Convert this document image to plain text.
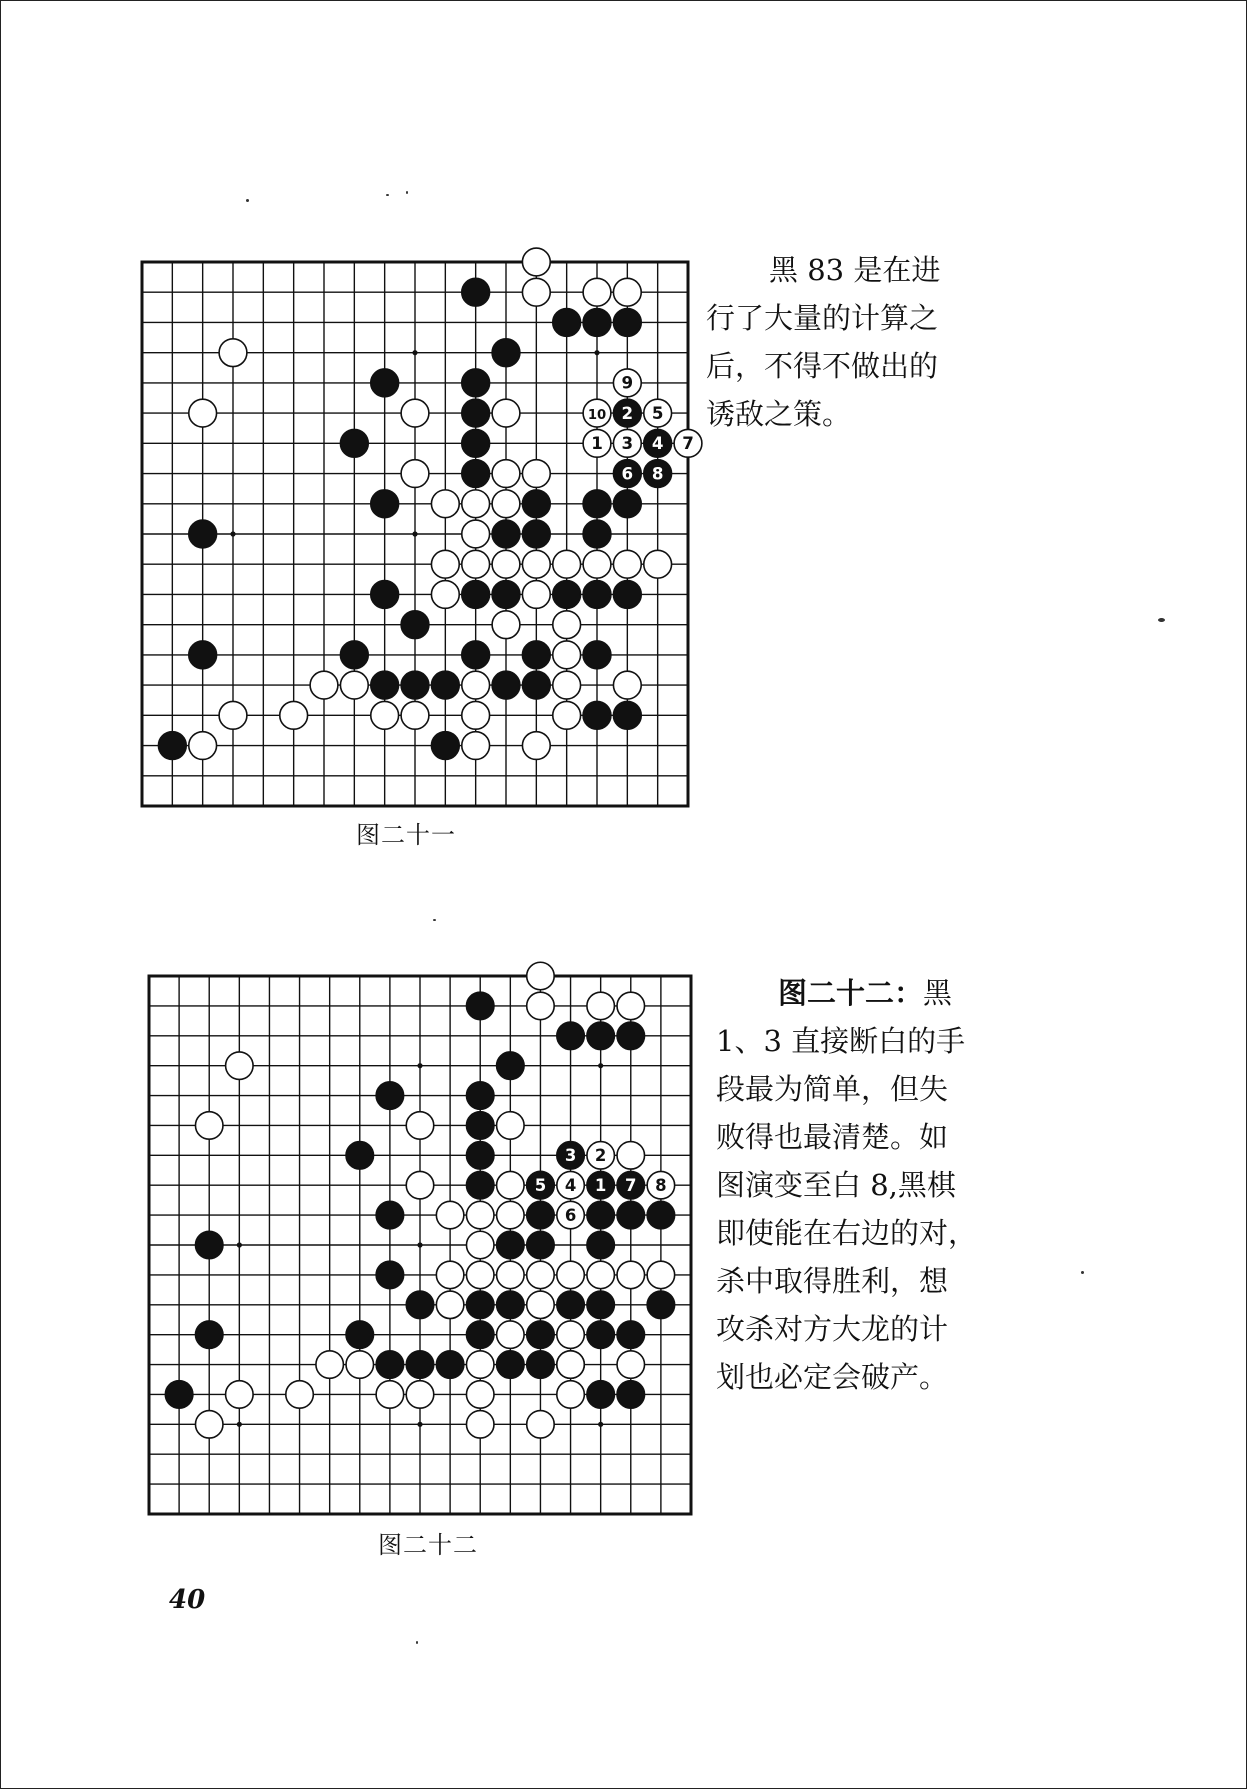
9
10 2 5
1 3 4 7
6 8
图二十一

黑 83 是在进

行了大量的计算之

后，不得不做出的

诱敌之策。

3 2
5 4 1 7 8
6
图二十二

图二十二：黑

1、3 直接断白的手

段最为简单，但失

败得也最清楚。如

图演变至白 8,黑棋

即使能在右边的对，

杀中取得胜利，想

攻杀对方大龙的计

划也必定会破产。

40
